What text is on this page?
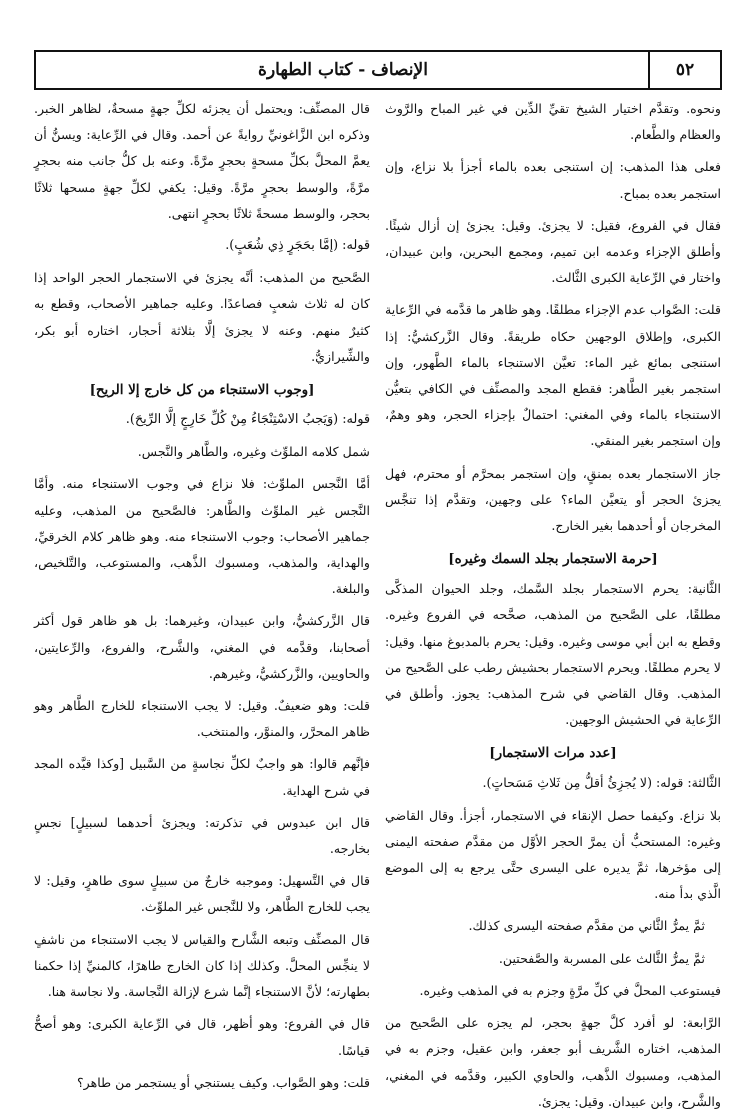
٥٢
الإنصاف - كتاب الطهارة

ونحوه. وتقدَّم اختيار الشيخ تقيِّ الدِّين في غير المباح والرَّوث والعظام والطَّعام.

فعلى هذا المذهب: إن استنجى بعده بالماء أجزأ بلا نزاع، وإن استجمر بعده بمباح.

فقال في الفروع، فقيل: لا يجزئ. وقيل: يجزئ إن أزال شيئًا. وأطلق الإجزاء وعدمه ابن تميم، ومجمع البحرين، وابن عبيدان، واختار في الرِّعاية الكبرى الثَّالث.

قلت: الصَّواب عدم الإجزاء مطلقًا. وهو ظاهر ما قدَّمه في الرِّعاية الكبرى، وإطلاق الوجهين حكاه طريقةً. وقال الزَّركشيُّ: إذا استنجى بمائع غير الماء: تعيَّن الاستنجاء بالماء الطَّهور، وإن استجمر بغير الطَّاهر: فقطع المجد والمصنِّف في الكافي بتعيُّن الاستنجاء بالماء وفي المغني: احتمالٌ بإجزاء الحجر، وهو وهمٌ، وإن استجمر بغير المنقي.

جاز الاستجمار بعده بمنقٍ، وإن استجمر بمحرَّم أو محترم، فهل يجزئ الحجر أو يتعيَّن الماء؟ على وجهين، وتقدَّم إذا تنجَّس المخرجان أو أحدهما بغير الخارج.

[حرمة الاستجمار بجلد السمك وغيره]

الثَّانية: يحرم الاستجمار بجلد السَّمك، وجلد الحيوان المذكَّى مطلقًا، على الصَّحيح من المذهب، صحَّحه في الفروع وغيره. وقطع به ابن أبي موسى وغيره. وقيل: يحرم بالمدبوغ منها. وقيل: لا يحرم مطلقًا. ويحرم الاستجمار بحشيش رطب على الصَّحيح من المذهب. وقال القاضي في شرح المذهب: يجوز. وأطلق في الرِّعاية في الحشيش الوجهين.

[عدد مرات الاستجمار]

الثَّالثة: قوله: (لا يُجزِئُ أقلُّ مِن ثَلاثِ مَسَحاتٍ).

بلا نزاع. وكيفما حصل الإنقاء في الاستجمار، أجزأ. وقال القاضي وغيره: المستحبُّ أن يمرَّ الحجر الأوَّل من مقدَّم صفحته اليمنى إلى مؤخرها، ثمَّ يديره على اليسرى حتَّى يرجع به إلى الموضع الَّذي بدأ منه.

ثمَّ يمرُّ الثَّاني من مقدَّم صفحته اليسرى كذلك.

ثمَّ يمرُّ الثَّالث على المسربة والصَّفحتين.

فيستوعب المحلَّ في كلِّ مرَّةٍ وجزم به في المذهب وغيره.

الرَّابعة: لو أفرد كلَّ جهةٍ بحجر، لم يجزه على الصَّحيح من المذهب، اختاره الشَّريف أبو جعفر، وابن عقيل، وجزم به في المذهب، ومسبوك الذَّهب، والحاوي الكبير، وقدَّمه في المغني، والشَّرح، وابن عبيدان. وقيل: يجزئ.

قال المصنِّف: ويحتمل أن يجزئه لكلِّ جهةٍ مسحةٌ، لظاهر الخبر. وذكره ابن الزَّاغونيِّ روايةً عن أحمد. وقال في الرِّعاية: ويسنُّ أن يعمَّ المحلَّ بكلِّ مسحةٍ بحجرٍ مرَّةً. وعنه بل كلُّ جانب منه بحجرٍ مرَّةً، والوسط بحجرٍ مرَّةً. وقيل: يكفي لكلِّ جهةٍ مسحها ثلاثًا بحجر، والوسط مسحةً ثلاثًا بحجرٍ انتهى.

قوله: (إمَّا بحَجَرٍ ذِي شُعَبٍ).

الصَّحيح من المذهب: أنَّه يجزئ في الاستجمار الحجر الواحد إذا كان له ثلاث شعبٍ فصاعدًا. وعليه جماهير الأصحاب، وقطع به كثيرٌ منهم. وعنه لا يجزئ إلَّا بثلاثة أحجار، اختاره أبو بكر، والشِّيرازيُّ.

[وجوب الاستنجاء من كل خارج إلا الريح]

قوله: (وَيَجبُ الاسْتِنْجَاءُ مِنْ كُلِّ خَارِجٍ إلَّا الرِّيحَ).

شمل كلامه الملوِّث وغيره، والطَّاهر والنَّجس.

أمَّا النَّجس الملوِّث: فلا نزاع في وجوب الاستنجاء منه. وأمَّا النَّجس غير الملوِّث والطَّاهر: فالصَّحيح من المذهب، وعليه جماهير الأصحاب: وجوب الاستنجاء منه. وهو ظاهر كلام الخرقيِّ، والهداية، والمذهب، ومسبوك الذَّهب، والمستوعب، والتَّلخيص، والبلغة.

قال الزَّركشيُّ، وابن عبيدان، وغيرهما: بل هو ظاهر قول أكثر أصحابنا، وقدَّمه في المغني، والشَّرح، والفروع، والرِّعايتين، والحاويين، والزَّركشيُّ، وغيرهم.

قلت: وهو ضعيفٌ. وقيل: لا يجب الاستنجاء للخارج الطَّاهر وهو ظاهر المحرَّر، والمنوَّر، والمنتخب.

فإنَّهم قالوا: هو واجبٌ لكلِّ نجاسةٍ من السَّبيل [وكذا قيَّده المجد في شرح الهداية.

قال ابن عبدوس في تذكرته: ويجزئ أحدهما لسبيلٍ] نجسٍ بخارجه.

قال في التَّسهيل: وموجبه خارجٌ من سبيلٍ سوى طاهرٍ، وقيل: لا يجب للخارج الطَّاهر، ولا للنَّجس غير الملوِّث.

قال المصنِّف وتبعه الشَّارح والقياس لا يجب الاستنجاء من ناشفٍ لا ينجِّس المحلَّ. وكذلك إذا كان الخارج طاهرًا، كالمنيِّ إذا حكمنا بطهارته؛ لأنَّ الاستنجاء إنَّما شرع لإزالة النَّجاسة. ولا نجاسة هنا.

قال في الفروع: وهو أظهر، قال في الرِّعاية الكبرى: وهو أصحُّ قياسًا.

قلت: وهو الصَّواب. وكيف يستنجي أو يستجمر من طاهر؟
